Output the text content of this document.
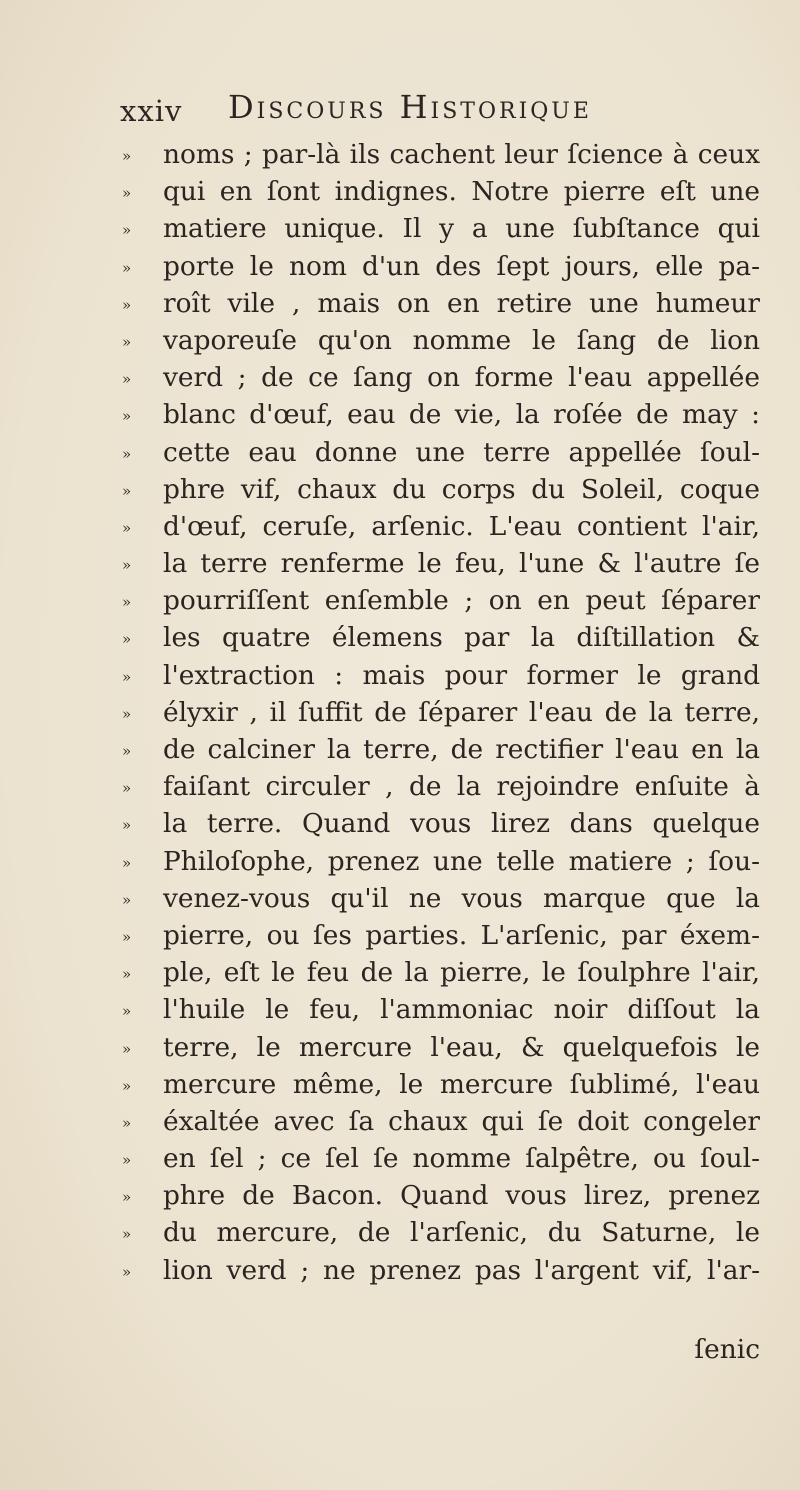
xxiv Discours Historique
»	noms ; par-là ils cachent leur ſcience à ceux
»	qui en ſont indignes. Notre pierre eſt une
»	matiere unique. Il y a une ſubſtance qui
»	porte le nom d'un des ſept jours, elle pa-
»	roît vile , mais on en retire une humeur
»	vaporeuſe qu'on nomme le ſang de lion
»	verd ; de ce ſang on forme l'eau appellée
»	blanc d'œuf, eau de vie, la roſée de may :
»	cette eau donne une terre appellée ſoul-
»	phre vif, chaux du corps du Soleil, coque
»	d'œuf, ceruſe, arſenic. L'eau contient l'air,
»	la terre renferme le feu, l'une & l'autre ſe
»	pourriſſent enſemble ; on en peut ſéparer
»	les quatre élemens par la diſtillation &
»	l'extraction : mais pour former le grand
»	élyxir , il ſuffit de ſéparer l'eau de la terre,
»	de calciner la terre, de rectifier l'eau en la
»	faiſant circuler , de la rejoindre enſuite à
»	la terre. Quand vous lirez dans quelque
»	Philoſophe, prenez une telle matiere ; ſou-
»	venez-vous qu'il ne vous marque que la
»	pierre, ou ſes parties. L'arſenic, par éxem-
»	ple, eſt le feu de la pierre, le ſoulphre l'air,
»	l'huile le feu, l'ammoniac noir diſſout la
»	terre, le mercure l'eau, & quelquefois le
»	mercure même, le mercure ſublimé, l'eau
»	éxaltée avec ſa chaux qui ſe doit congeler
»	en ſel ; ce ſel ſe nomme ſalpêtre, ou ſoul-
»	phre de Bacon. Quand vous lirez, prenez
»	du mercure, de l'arſenic, du Saturne, le
»	lion verd ; ne prenez pas l'argent vif, l'ar-
ſenic
